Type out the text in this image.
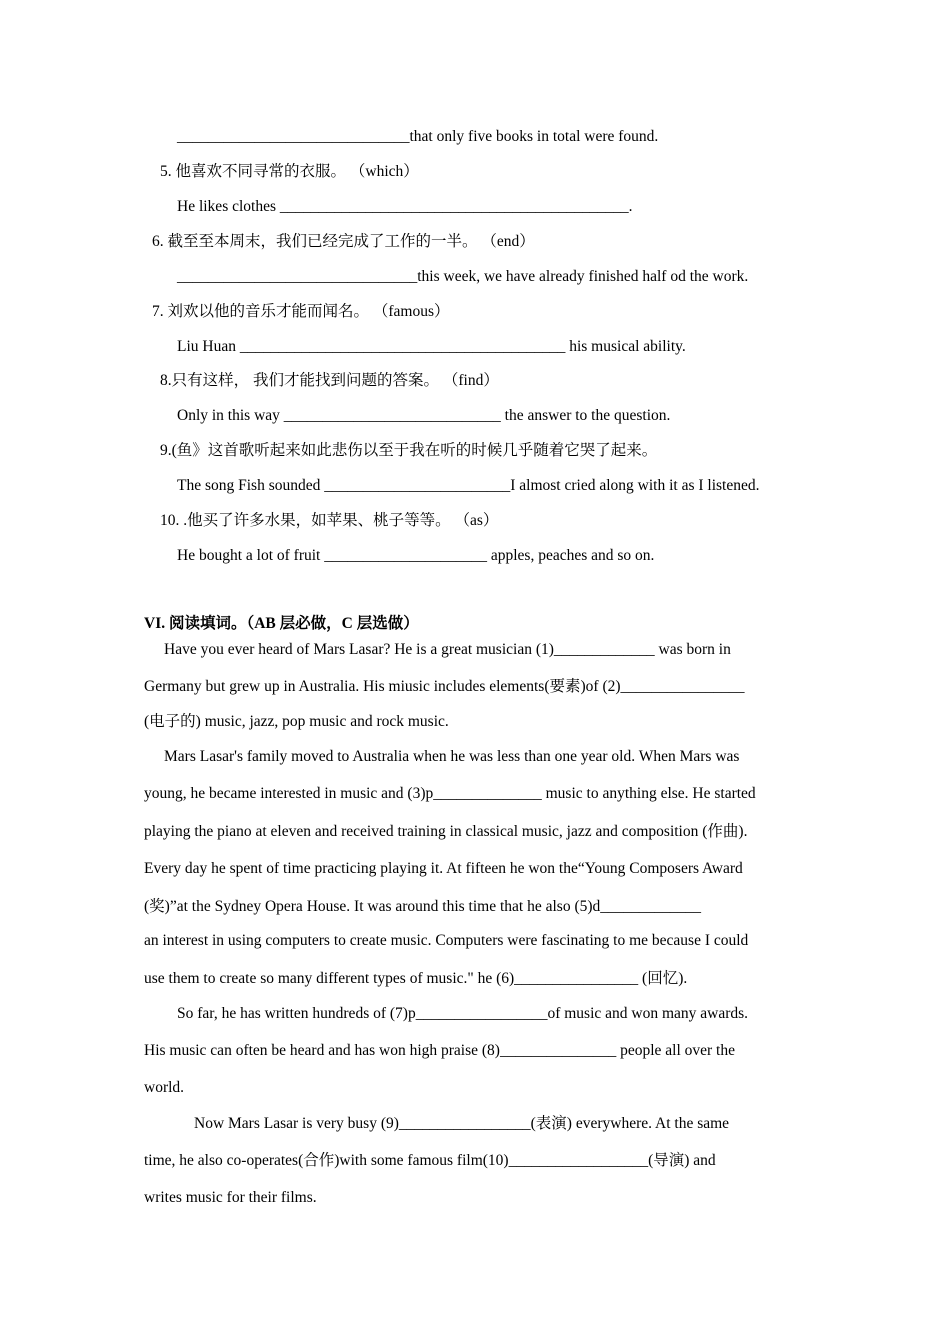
______________________________that only five books in total were found.
5. 他喜欢不同寻常的衣服。 （which）
He likes clothes _____________________________________________.
6. 截至至本周末，我们已经完成了工作的一半。 （end）
_______________________________this week, we have already finished half od the work.
7. 刘欢以他的音乐才能而闻名。 （famous）
Liu Huan __________________________________________ his musical ability.
8.只有这样， 我们才能找到问题的答案。 （find）
Only in this way ____________________________ the answer to the question.
9.(鱼》这首歌听起来如此悲伤以至于我在听的时候几乎随着它哭了起来。
The song Fish sounded ________________________I almost cried along with it as I listened.
10. .他买了许多水果，如苹果、桃子等等。 （as）
He bought a lot of fruit _____________________ apples, peaches and so on.
VI. 阅读填词。（AB 层必做，C 层选做）
Have you ever heard of Mars Lasar? He is a great musician (1)_____________ was born in
Germany but grew up in Australia. His miusic includes elements(要素)of (2)________________
(电子的) music, jazz, pop music and rock music.
Mars Lasar's family moved to Australia when he was less than one year old. When Mars was
young, he became interested in music and (3)p______________ music to anything else. He started
playing the piano at eleven and received training in classical music, jazz and composition (作曲).
Every day he spent of time practicing playing it. At fifteen he won the“Young Composers Award
(奖)”at the Sydney Opera House. It was around this time that he also (5)d_____________
an interest in using computers to create music. Computers were fascinating to me because I could
use them to create so many different types of music." he (6)________________ (回忆).
So far, he has written hundreds of (7)p_________________of music and won many awards.
His music can often be heard and has won high praise (8)_______________ people all over the
world.
Now Mars Lasar is very busy (9)_________________(表演) everywhere. At the same
time, he also co-operates(合作)with some famous film(10)__________________(导演) and
writes music for their films.
